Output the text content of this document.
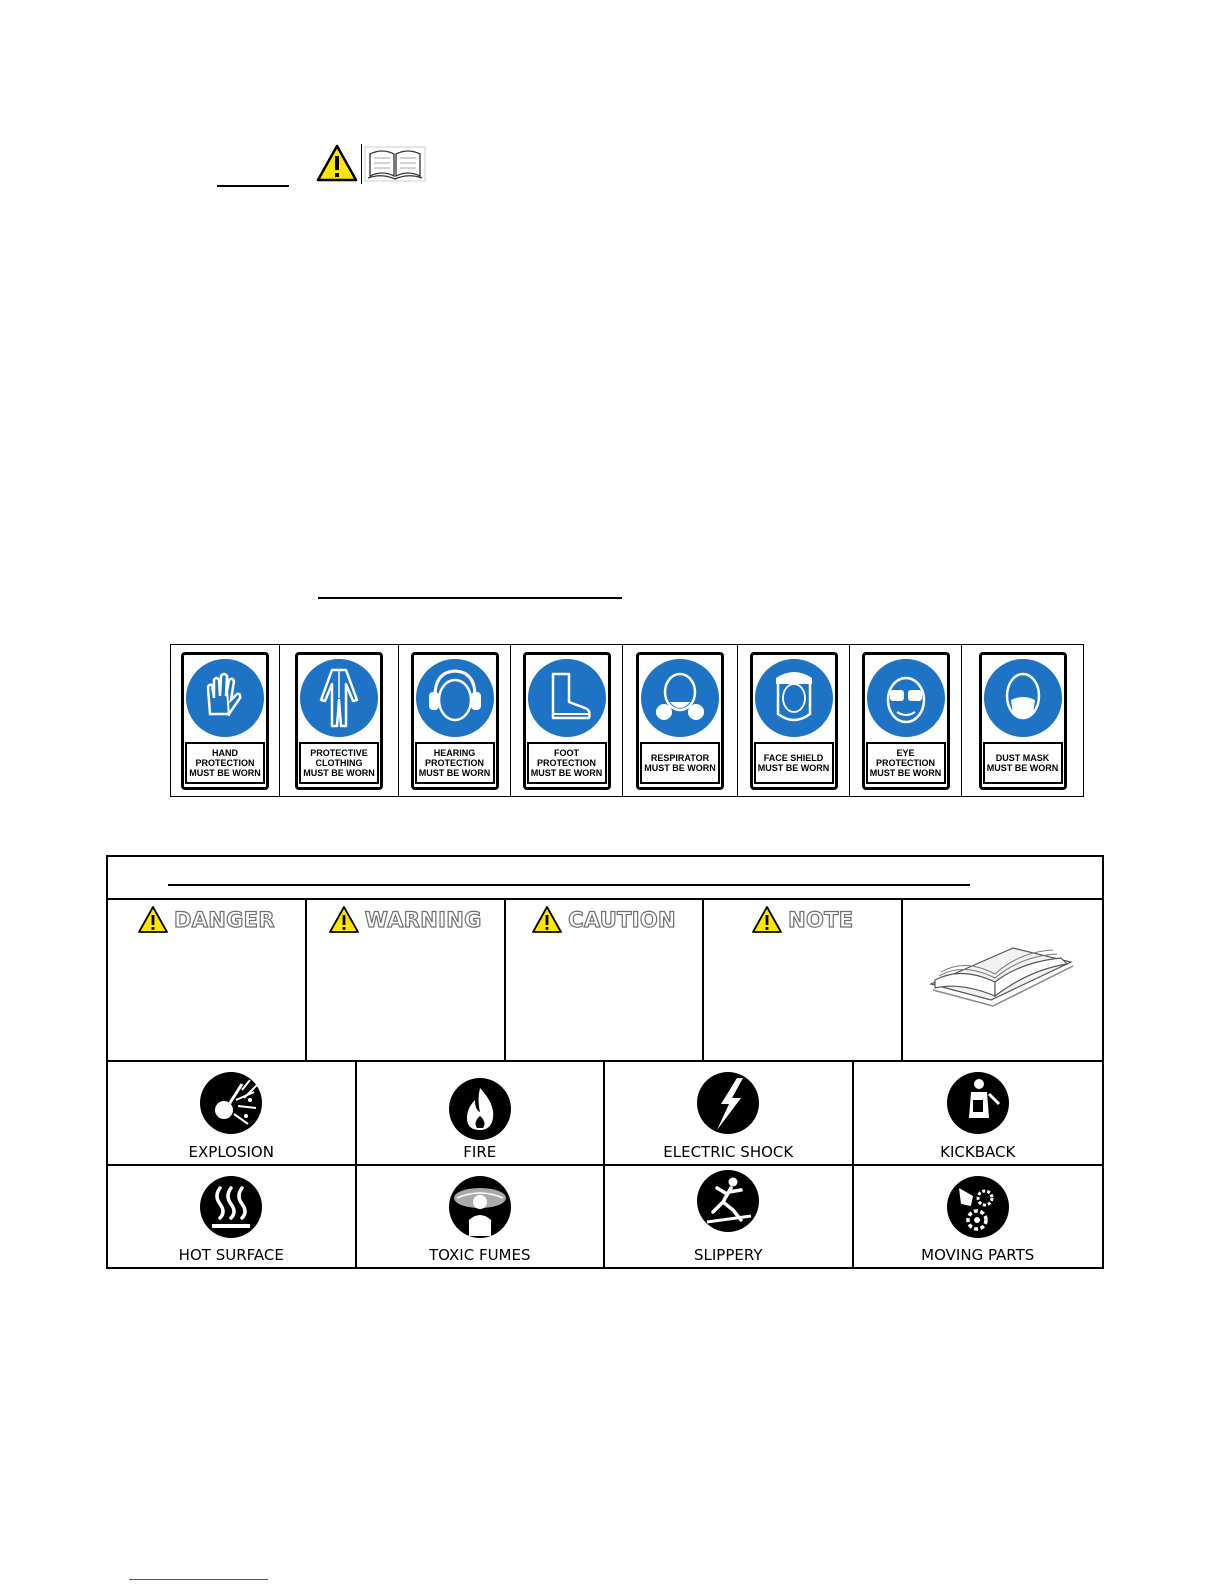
HAND
PROTECTION
MUST BE WORN
PROTECTIVE
CLOTHING
MUST BE WORN
HEARING
PROTECTION
MUST BE WORN
FOOT
PROTECTION
MUST BE WORN
RESPIRATOR
MUST BE WORN
FACE SHIELD
MUST BE WORN
EYE
PROTECTION
MUST BE WORN
DUST MASK
MUST BE WORN
DANGER	WARNING	CAUTION	NOTE
EXPLOSION	FIRE	ELECTRIC SHOCK	KICKBACK
HOT SURFACE	TOXIC FUMES	SLIPPERY	MOVING PARTS
